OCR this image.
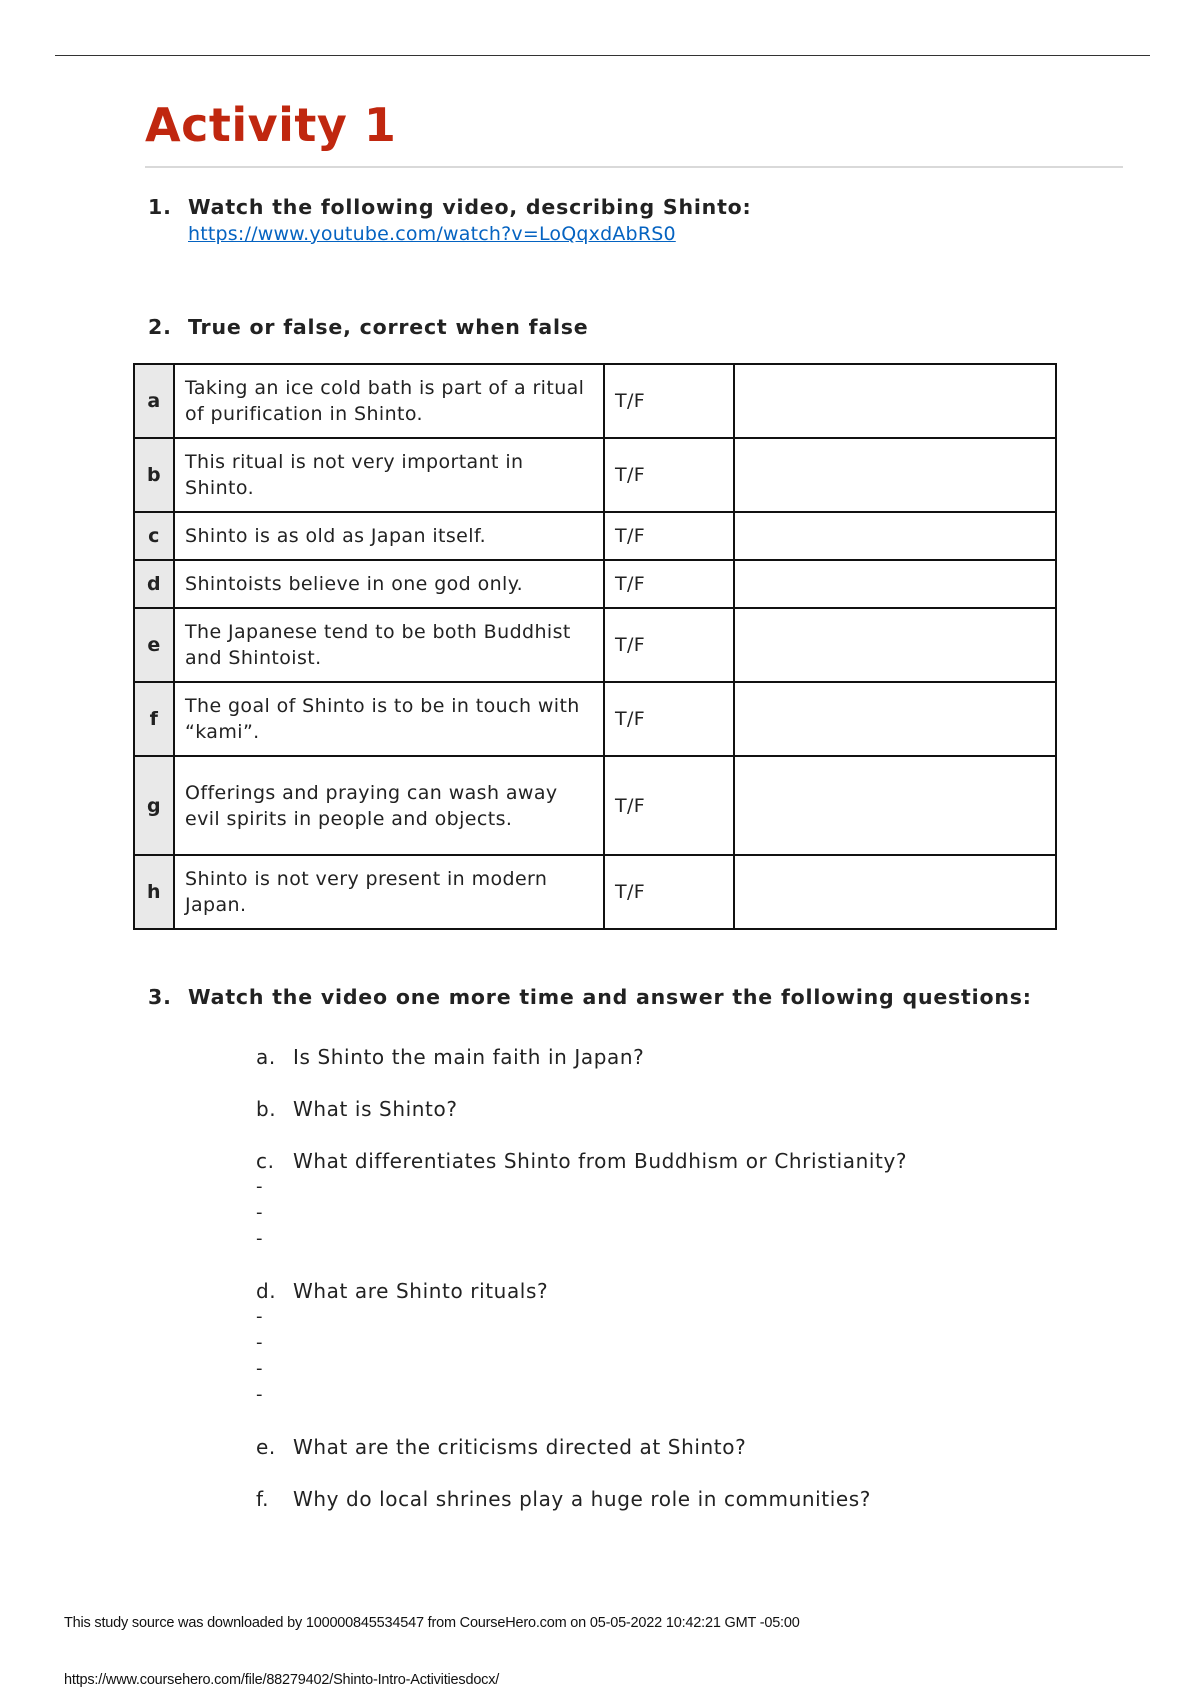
Activity 1
1. Watch the following video, describing Shinto:
https://www.youtube.com/watch?v=LoQqxdAbRS0
2. True or false, correct when false
a	Taking an ice cold bath is part of a ritual of purification in Shinto.	T/F	
b	This ritual is not very important in Shinto.	T/F	
c	Shinto is as old as Japan itself.	T/F	
d	Shintoists believe in one god only.	T/F	
e	The Japanese tend to be both Buddhist and Shintoist.	T/F	
f	The goal of Shinto is to be in touch with “kami”.	T/F	
g	Offerings and praying can wash away evil spirits in people and objects.	T/F	
h	Shinto is not very present in modern Japan.	T/F	
3. Watch the video one more time and answer the following questions:
a. Is Shinto the main faith in Japan?
b. What is Shinto?
c. What differentiates Shinto from Buddhism or Christianity?
-
-
-
d. What are Shinto rituals?
-
-
-
-
e. What are the criticisms directed at Shinto?
f. Why do local shrines play a huge role in communities?
This study source was downloaded by 100000845534547 from CourseHero.com on 05-05-2022 10:42:21 GMT -05:00
https://www.coursehero.com/file/88279402/Shinto-Intro-Activitiesdocx/
